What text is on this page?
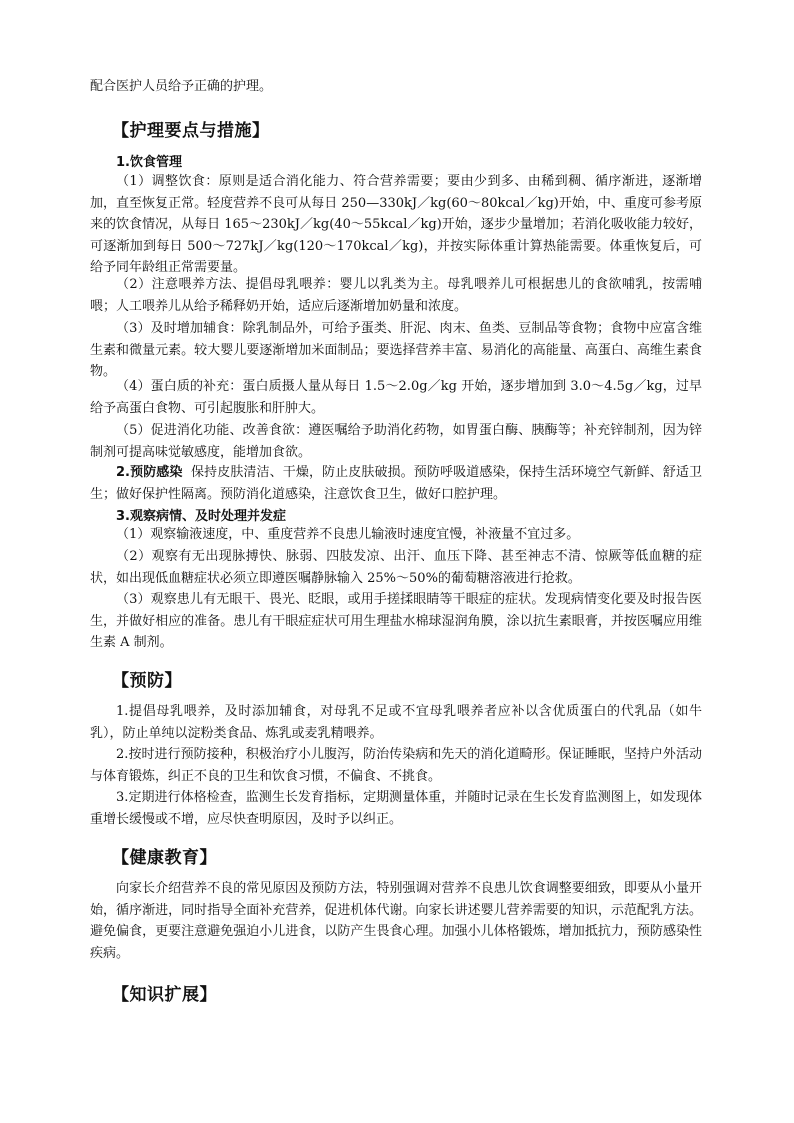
配合医护人员给予正确的护理。

【护理要点与措施】
1.饮食管理

（1）调整饮食：原则是适合消化能力、符合营养需要；要由少到多、由稀到稠、循序渐进，逐渐增加，直至恢复正常。轻度营养不良可从每日 250—330kJ／kg(60～80kcal／kg)开始，中、重度可参考原来的饮食情况，从每日 165～230kJ／kg(40～55kcal／kg)开始，逐步少量增加；若消化吸收能力较好，可逐渐加到每日 500～727kJ／kg(120～170kcal／kg)，并按实际体重计算热能需要。体重恢复后，可给予同年龄组正常需要量。

（2）注意喂养方法、提倡母乳喂养：婴儿以乳类为主。母乳喂养儿可根据患儿的食欲哺乳，按需哺喂；人工喂养儿从给予稀释奶开始，适应后逐渐增加奶量和浓度。

（3）及时增加辅食：除乳制品外，可给予蛋类、肝泥、肉末、鱼类、豆制品等食物；食物中应富含维生素和微量元素。较大婴儿要逐渐增加米面制品；要选择营养丰富、易消化的高能量、高蛋白、高维生素食物。

（4）蛋白质的补充：蛋白质摄人量从每日 1.5～2.0g／kg 开始，逐步增加到 3.0～4.5g／kg，过早给予高蛋白食物、可引起腹胀和肝肿大。

（5）促进消化功能、改善食欲：遵医嘱给予助消化药物，如胃蛋白酶、胰酶等；补充锌制剂，因为锌制剂可提高味觉敏感度，能增加食欲。

2.预防感染 保持皮肤清洁、干燥，防止皮肤破损。预防呼吸道感染，保持生活环境空气新鲜、舒适卫生；做好保护性隔离。预防消化道感染，注意饮食卫生，做好口腔护理。

3.观察病情、及时处理并发症

（1）观察输液速度，中、重度营养不良患儿输液时速度宜慢，补液量不宜过多。

（2）观察有无出现脉搏快、脉弱、四肢发凉、出汗、血压下降、甚至神志不清、惊厥等低血糖的症状，如出现低血糖症状必须立即遵医嘱静脉输入 25%～50%的葡萄糖溶液进行抢救。

（3）观察患儿有无眼干、畏光、眨眼，或用手搓揉眼睛等干眼症的症状。发现病情变化要及时报告医生，并做好相应的准备。患儿有干眼症症状可用生理盐水棉球湿润角膜，涂以抗生素眼膏，并按医嘱应用维生素 A 制剂。

【预防】

1.提倡母乳喂养，及时添加辅食，对母乳不足或不宜母乳喂养者应补以含优质蛋白的代乳品（如牛乳），防止单纯以淀粉类食品、炼乳或麦乳精喂养。

2.按时进行预防接种，积极治疗小儿腹泻，防治传染病和先天的消化道畸形。保证睡眠，坚持户外活动与体育锻炼，纠正不良的卫生和饮食习惯，不偏食、不挑食。

3.定期进行体格检查，监测生长发育指标，定期测量体重，并随时记录在生长发育监测图上，如发现体重增长缓慢或不增，应尽快查明原因，及时予以纠正。

【健康教育】

向家长介绍营养不良的常见原因及预防方法，特别强调对营养不良患儿饮食调整要细致，即要从小量开始，循序渐进，同时指导全面补充营养，促进机体代谢。向家长讲述婴儿营养需要的知识，示范配乳方法。避免偏食，更要注意避免强迫小儿进食，以防产生畏食心理。加强小儿体格锻炼，增加抵抗力，预防感染性疾病。

【知识扩展】
